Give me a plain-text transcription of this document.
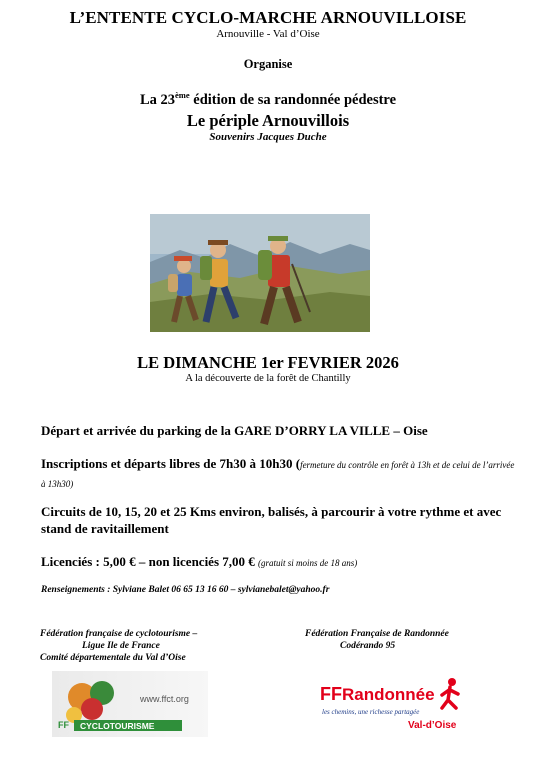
L’ENTENTE CYCLO-MARCHE ARNOUVILLOISE
Arnouville - Val d’Oise
Organise
La 23ème édition de sa randonnée pédestre
Le périple Arnouvillois
Souvenirs Jacques Duche
LE DIMANCHE 1er FEVRIER 2026
A la découverte de la forêt de Chantilly
Départ et arrivée du parking de la GARE D’ORRY LA VILLE – Oise
Inscriptions et départs libres de 7h30 à 10h30 (fermeture du contrôle en forêt à 13h et de celui de l’arrivée à 13h30)
Circuits de 10, 15, 20 et 25 Kms environ, balisés, à parcourir à votre rythme et avec stand de ravitaillement
Licenciés : 5,00 € – non licenciés 7,00 € (gratuit si moins de 18 ans)
Renseignements : Sylviane Balet 06 65 13 16 60 – sylvianebalet@yahoo.fr
Fédération française de cyclotourisme –
Ligue Ile de France
Comité départementale du Val d’Oise
Fédération Française de Randonnée
Codérando 95
www.ffct.org
FF CYCLOTOURISME
FF Randonnée
les chemins, une richesse partagée
Val-d’Oise
